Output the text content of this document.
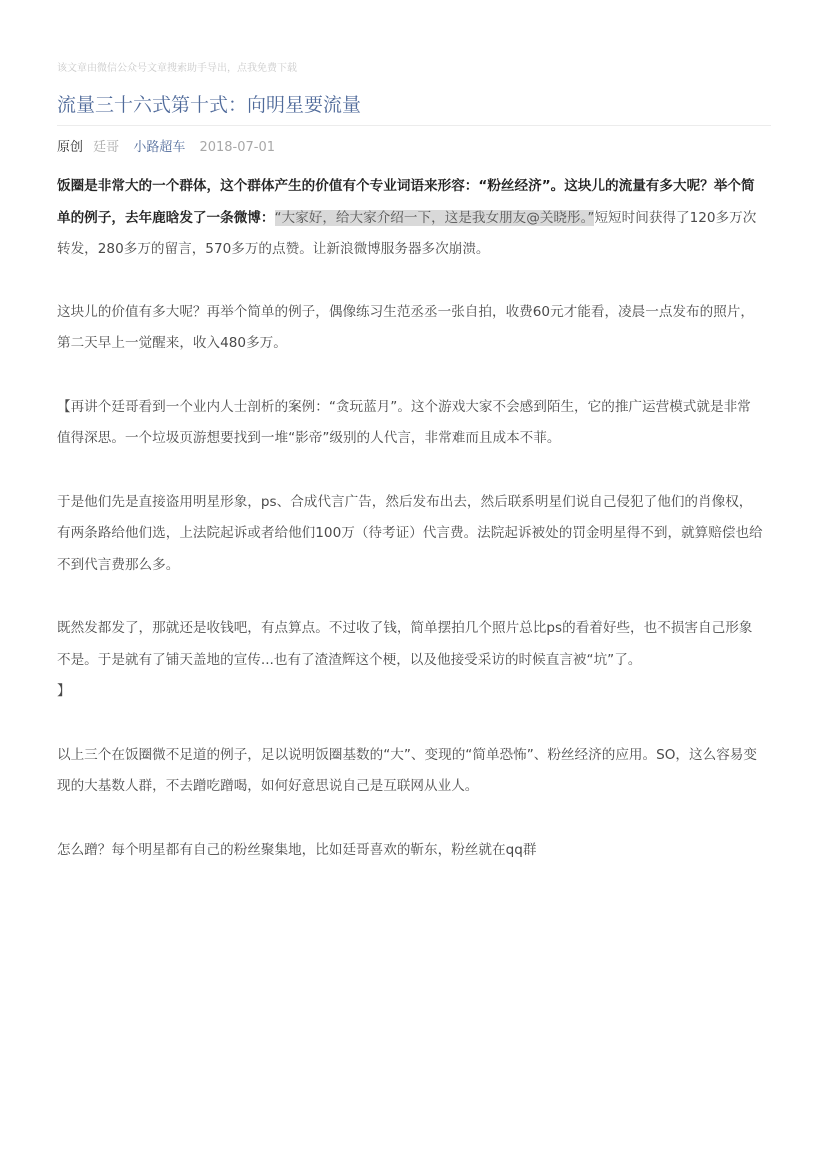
该文章由微信公众号文章搜索助手导出，点我免费下载
流量三十六式第十式：向明星要流量
原创 廷哥 小路超车 2018-07-01

饭圈是非常大的一个群体，这个群体产生的价值有个专业词语来形容：“粉丝经济”。这块儿的流量有多大呢？举个简单的例子，去年鹿晗发了一条微博：“大家好，给大家介绍一下，这是我女朋友@关晓彤。”短短时间获得了120多万次转发，280多万的留言，570多万的点赞。让新浪微博服务器多次崩溃。

这块儿的价值有多大呢？再举个简单的例子，偶像练习生范丞丞一张自拍，收费60元才能看，凌晨一点发布的照片，第二天早上一觉醒来，收入480多万。

【再讲个廷哥看到一个业内人士剖析的案例：“贪玩蓝月”。这个游戏大家不会感到陌生，它的推广运营模式就是非常值得深思。一个垃圾页游想要找到一堆“影帝”级别的人代言，非常难而且成本不菲。

于是他们先是直接盗用明星形象，ps、合成代言广告，然后发布出去，然后联系明星们说自己侵犯了他们的肖像权，有两条路给他们选，上法院起诉或者给他们100万（待考证）代言费。法院起诉被处的罚金明星得不到，就算赔偿也给不到代言费那么多。

既然发都发了，那就还是收钱吧，有点算点。不过收了钱，简单摆拍几个照片总比ps的看着好些，也不损害自己形象不是。于是就有了铺天盖地的宣传...也有了渣渣辉这个梗，以及他接受采访的时候直言被“坑”了。
】

以上三个在饭圈微不足道的例子，足以说明饭圈基数的“大”、变现的“简单恐怖”、粉丝经济的应用。SO，这么容易变现的大基数人群，不去蹭吃蹭喝，如何好意思说自己是互联网从业人。

怎么蹭？每个明星都有自己的粉丝聚集地，比如廷哥喜欢的靳东，粉丝就在qq群
